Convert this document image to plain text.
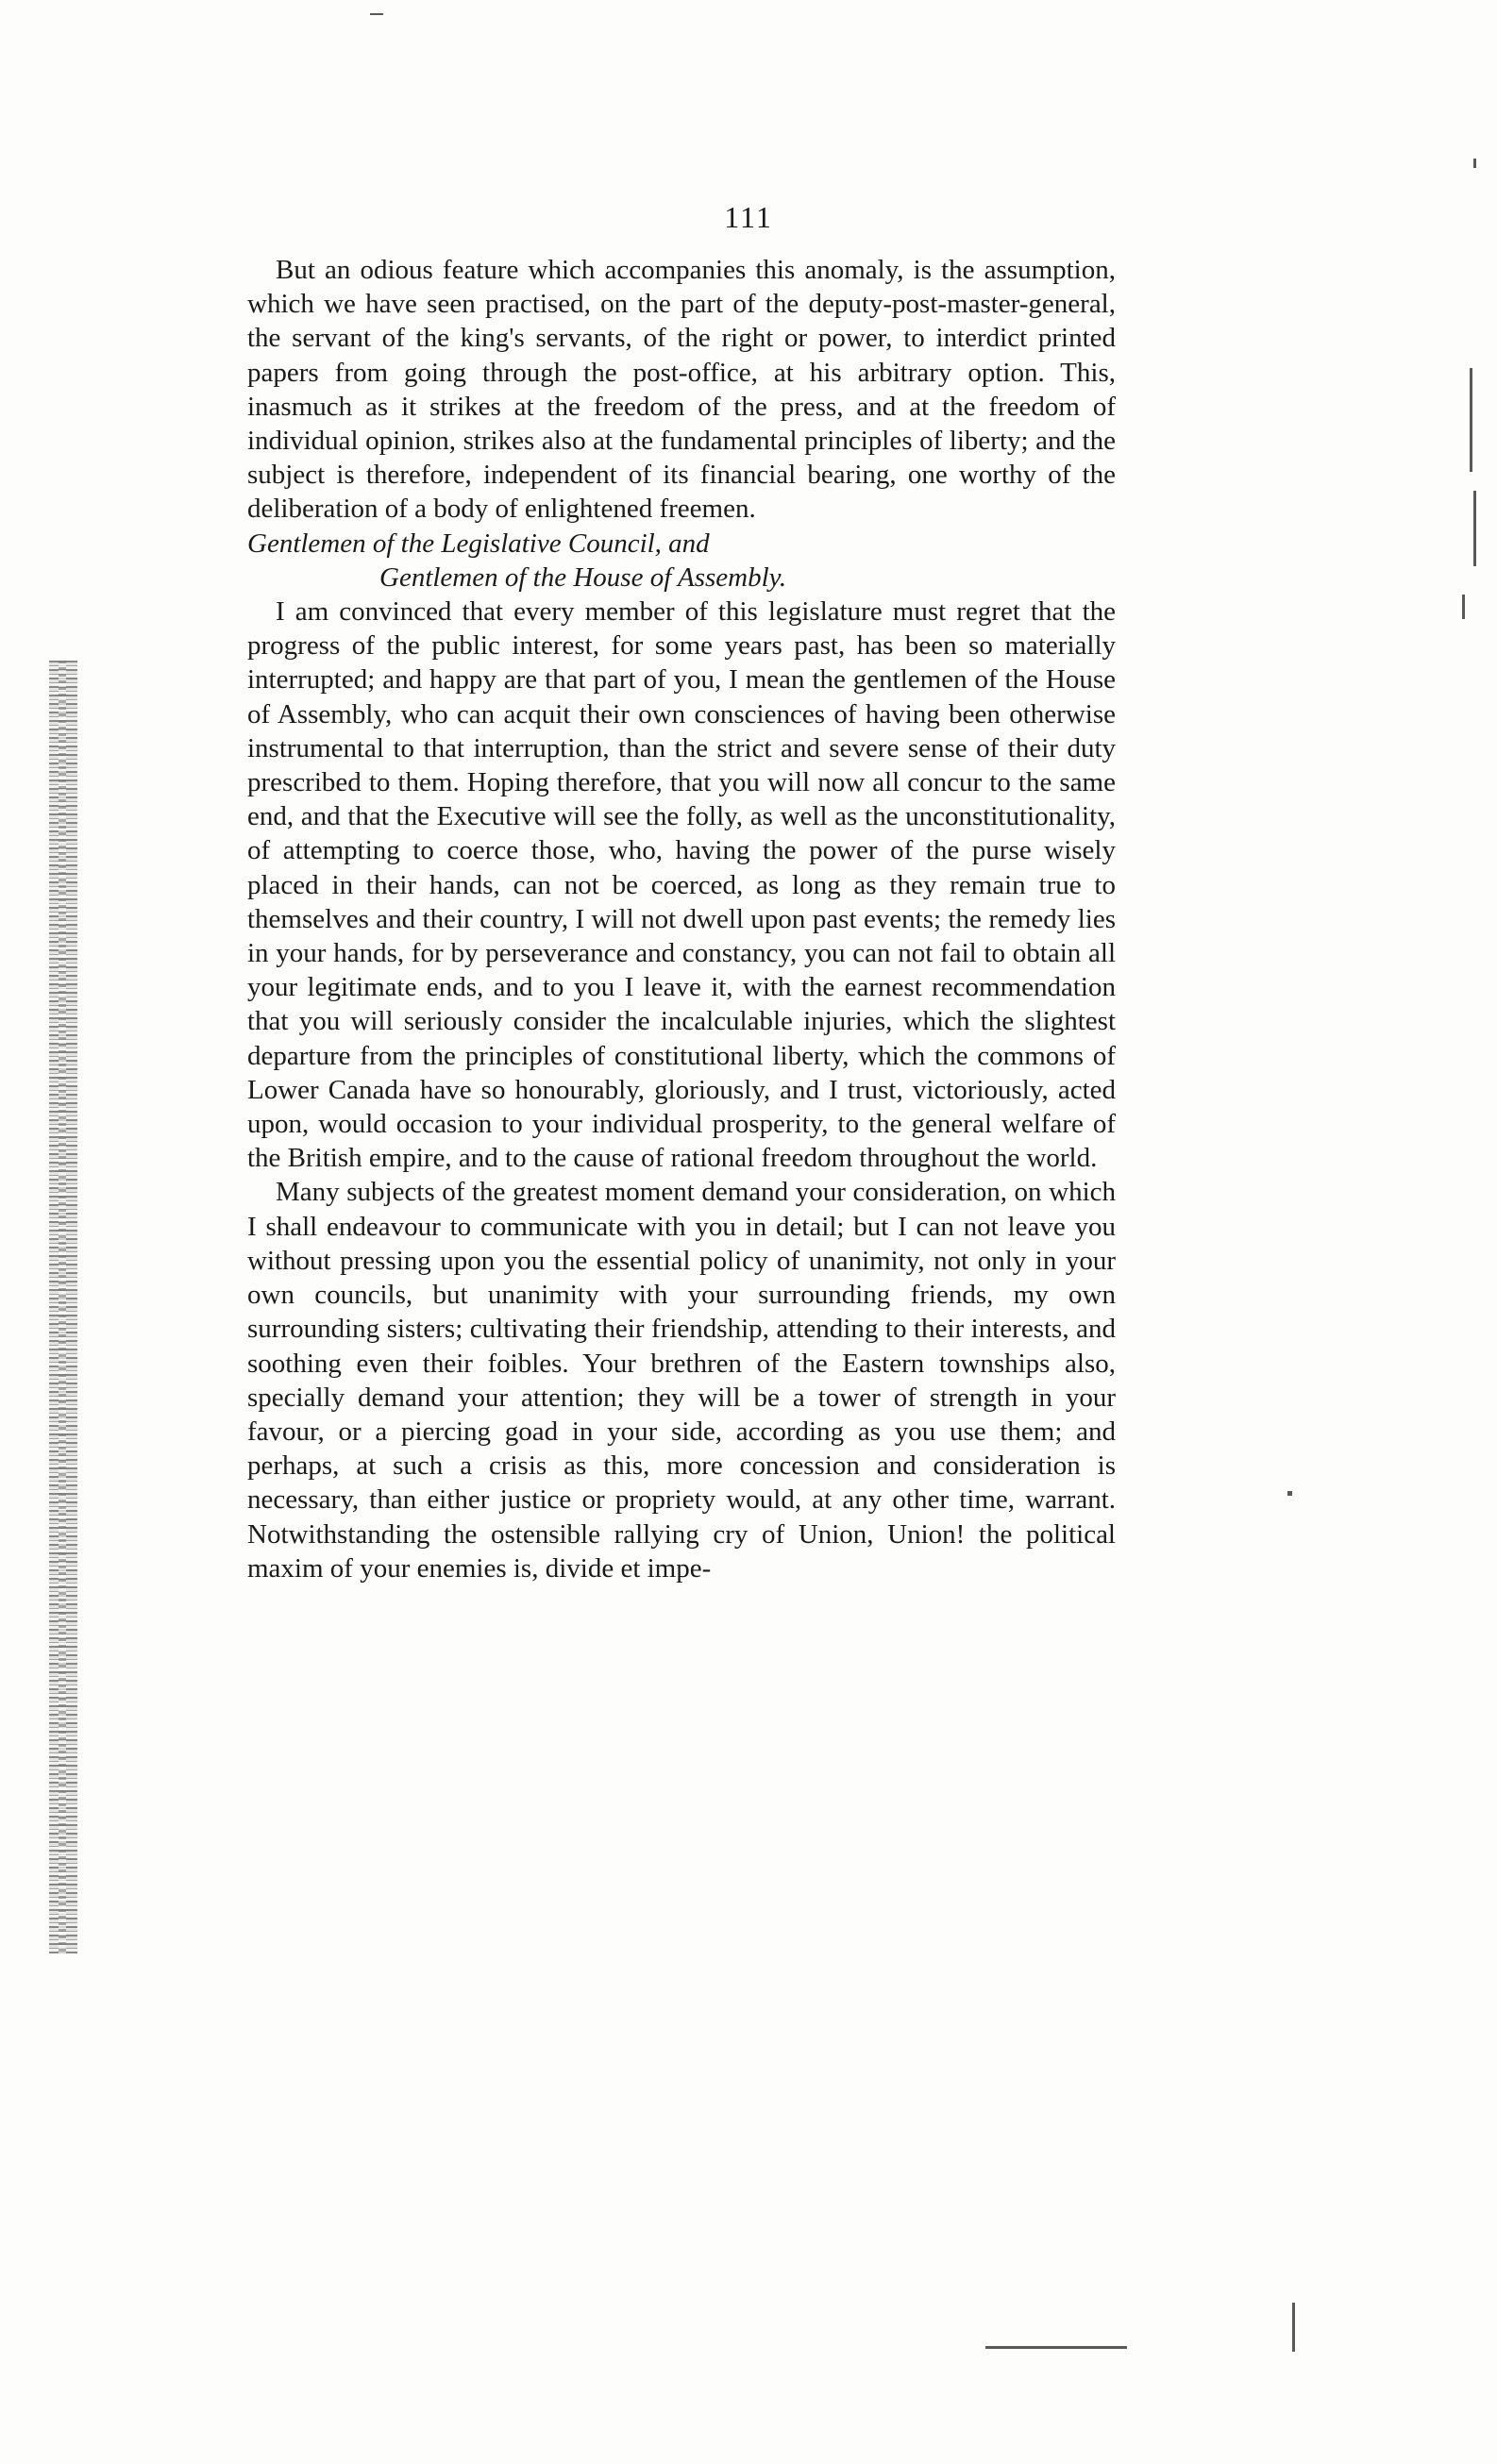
111

But an odious feature which accompanies this anomaly, is the assumption, which we have seen practised, on the part of the deputy-post-master-general, the servant of the king's servants, of the right or power, to interdict printed papers from going through the post-office, at his arbitrary option. This, inasmuch as it strikes at the freedom of the press, and at the freedom of individual opinion, strikes also at the fundamental principles of liberty; and the subject is therefore, independent of its financial bearing, one worthy of the deliberation of a body of enlightened freemen.

Gentlemen of the Legislative Council, and
Gentlemen of the House of Assembly.

I am convinced that every member of this legislature must regret that the progress of the public interest, for some years past, has been so materially interrupted; and happy are that part of you, I mean the gentlemen of the House of Assembly, who can acquit their own consciences of having been otherwise instrumental to that interruption, than the strict and severe sense of their duty prescribed to them. Hoping therefore, that you will now all concur to the same end, and that the Executive will see the folly, as well as the unconstitutionality, of attempting to coerce those, who, having the power of the purse wisely placed in their hands, can not be coerced, as long as they remain true to themselves and their country, I will not dwell upon past events; the remedy lies in your hands, for by perseverance and constancy, you can not fail to obtain all your legitimate ends, and to you I leave it, with the earnest recommendation that you will seriously consider the incalculable injuries, which the slightest departure from the principles of constitutional liberty, which the commons of Lower Canada have so honourably, gloriously, and I trust, victoriously, acted upon, would occasion to your individual prosperity, to the general welfare of the British empire, and to the cause of rational freedom throughout the world.

Many subjects of the greatest moment demand your consideration, on which I shall endeavour to communicate with you in detail; but I can not leave you without pressing upon you the essential policy of unanimity, not only in your own councils, but unanimity with your surrounding friends, my own surrounding sisters; cultivating their friendship, attending to their interests, and soothing even their foibles. Your brethren of the Eastern townships also, specially demand your attention; they will be a tower of strength in your favour, or a piercing goad in your side, according as you use them; and perhaps, at such a crisis as this, more concession and consideration is necessary, than either justice or propriety would, at any other time, warrant. Notwithstanding the ostensible rallying cry of Union, Union! the political maxim of your enemies is, divide et impe-
